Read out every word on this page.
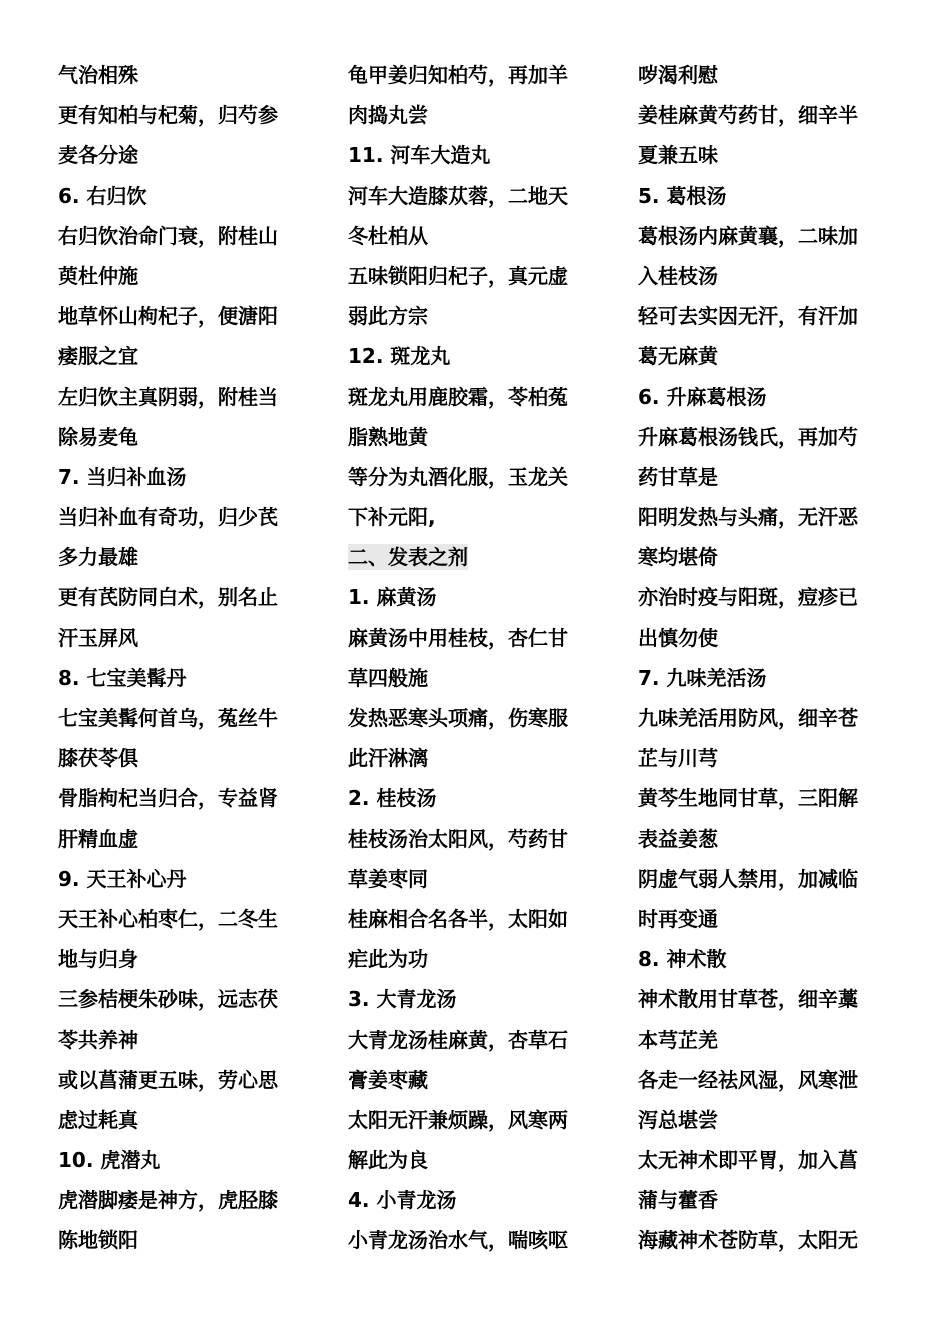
气治相殊
更有知柏与杞菊，归芍参
麦各分途
6. 右归饮
右归饮治命门衰，附桂山
萸杜仲施
地草怀山枸杞子，便溏阳
痿服之宜
左归饮主真阴弱，附桂当
除易麦龟
7. 当归补血汤
当归补血有奇功，归少芪
多力最雄
更有芪防同白术，别名止
汗玉屏风
8. 七宝美髯丹
七宝美髯何首乌，菟丝牛
膝茯苓俱
骨脂枸杞当归合，专益肾
肝精血虚
9. 天王补心丹
天王补心柏枣仁，二冬生
地与归身
三参桔梗朱砂味，远志茯
苓共养神
或以菖蒲更五味，劳心思
虑过耗真
10. 虎潜丸
虎潜脚痿是神方，虎胫膝
陈地锁阳
龟甲姜归知柏芍，再加羊
肉捣丸尝
11. 河车大造丸
河车大造膝苁蓉，二地天
冬杜柏从
五味锁阳归杞子，真元虚
弱此方宗
12. 斑龙丸
斑龙丸用鹿胶霜，苓柏菟
脂熟地黄
等分为丸酒化服，玉龙关
下补元阳,
二、发表之剂
1. 麻黄汤
麻黄汤中用桂枝，杏仁甘
草四般施
发热恶寒头项痛，伤寒服
此汗淋漓
2. 桂枝汤
桂枝汤治太阳风，芍药甘
草姜枣同
桂麻相合名各半，太阳如
疟此为功
3. 大青龙汤
大青龙汤桂麻黄，杏草石
膏姜枣藏
太阳无汗兼烦躁，风寒两
解此为良
4. 小青龙汤
小青龙汤治水气，喘咳呕
哕渴利慰
姜桂麻黄芍药甘，细辛半
夏兼五味
5. 葛根汤
葛根汤内麻黄襄，二味加
入桂枝汤
轻可去实因无汗，有汗加
葛无麻黄
6. 升麻葛根汤
升麻葛根汤钱氏，再加芍
药甘草是
阳明发热与头痛，无汗恶
寒均堪倚
亦治时疫与阳斑，痘疹已
出慎勿使
7. 九味羌活汤
九味羌活用防风，细辛苍
芷与川芎
黄芩生地同甘草，三阳解
表益姜葱
阴虚气弱人禁用，加减临
时再变通
8. 神术散
神术散用甘草苍，细辛藁
本芎芷羌
各走一经祛风湿，风寒泄
泻总堪尝
太无神术即平胃，加入菖
蒲与藿香
海藏神术苍防草，太阳无
